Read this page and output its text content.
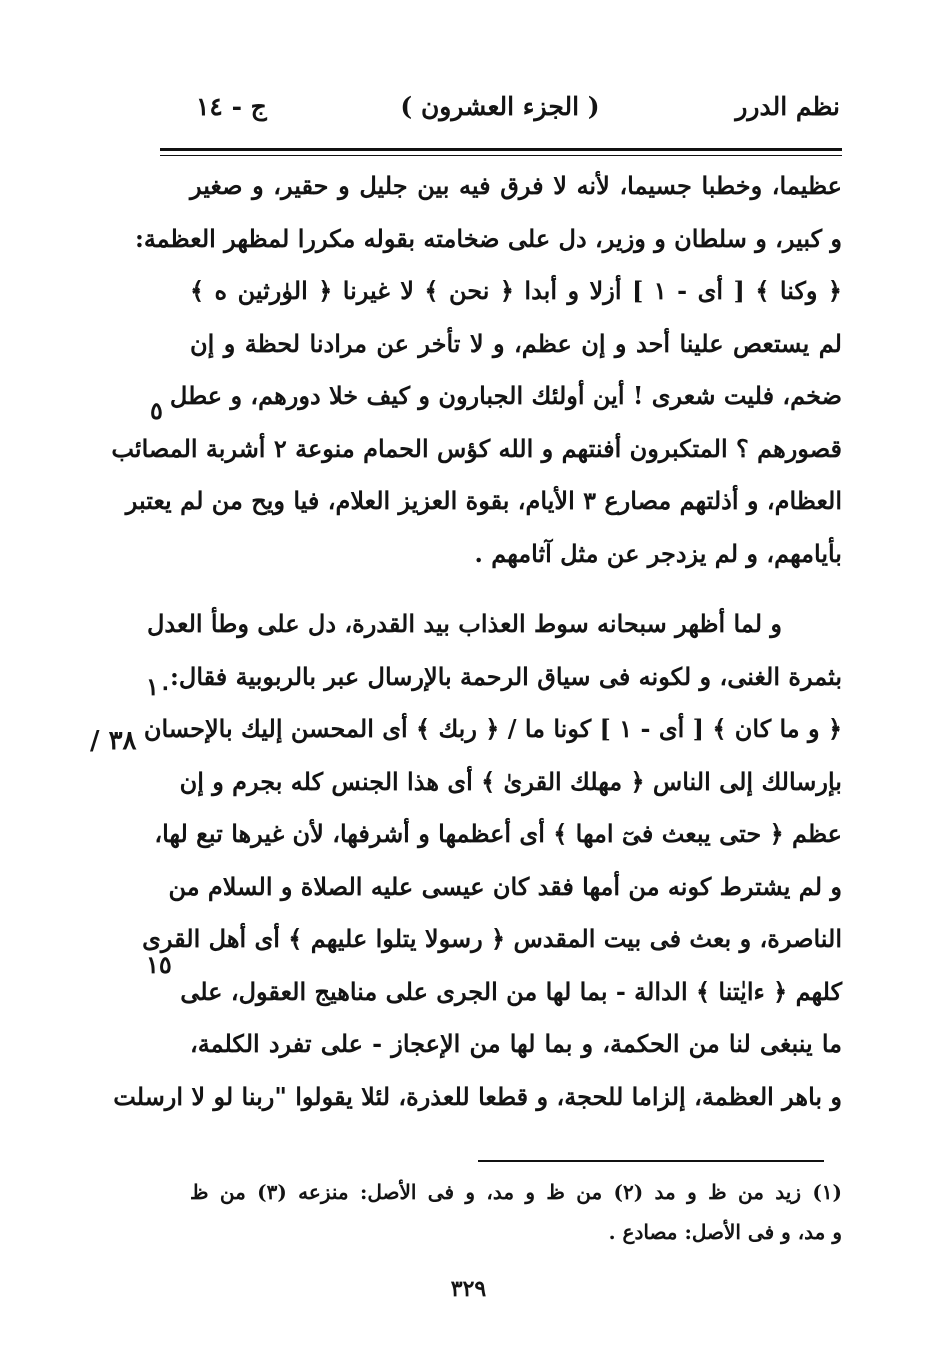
نظم الدرر
( الجزء العشرون )
ج - ١٤
عظيما، وخطبا جسيما، لأنه لا فرق فيه بين جليل و حقير، و صغير
و كبير، و سلطان و وزير، دل على ضخامته بقوله مكررا لمظهر العظمة:
﴿ وكنا ﴾ [ أى - ١ ] أزلا و أبدا ﴿ نحن ﴾ لا غيرنا ﴿ الوٰرثين ه ﴾
لم يستعص علينا أحد و إن عظم، و لا تأخر عن مرادنا لحظة و إن
ضخم، فليت شعرى ! أين أولئك الجبارون و كيف خلا دورهم، و عطل
قصورهم ؟ المتكبرون أفنتهم و الله كؤس الحمام منوعة ٢ أشربة المصائب
العظام، و أذلتهم مصارع ٣ الأيام، بقوة العزيز العلام، فيا ويح من لم يعتبر
بأيامهم، و لم يزدجر عن مثل آثامهم .
و لما أظهر سبحانه سوط العذاب بيد القدرة، دل على وطأ العدل
بثمرة الغنى، و لكونه فى سياق الرحمة بالإرسال عبر بالربوبية فقال:
﴿ و ما كان ﴾ [ أى - ١ ] كونا ما / ﴿ ربك ﴾ أى المحسن إليك بالإحسان
بإرسالك إلى الناس ﴿ مهلك القرىٰ ﴾ أى هذا الجنس كله بجرم و إن
عظم ﴿ حتى يبعث فىٓ امها ﴾ أى أعظمها و أشرفها، لأن غيرها تبع لها،
و لم يشترط كونه من أمها فقد كان عيسى عليه الصلاة و السلام من
الناصرة، و بعث فى بيت المقدس ﴿ رسولا يتلوا عليهم ﴾ أى أهل القرى
كلهم ﴿ ءايٰتنا ﴾ الدالة - بما لها من الجرى على مناهيج العقول، على
ما ينبغى لنا من الحكمة، و بما لها من الإعجاز - على تفرد الكلمة،
و باهر العظمة، إلزاما للحجة، و قطعا للعذرة، لئلا يقولوا "ربنا لو لا ارسلت
٥
١٠
١٥
٣٨ /
(١) زيد من ظ و مد (٢) من ظ و مد، و فى الأصل: منزعه (٣) من ظ
و مد، و فى الأصل: مصادع .
٣٢٩
